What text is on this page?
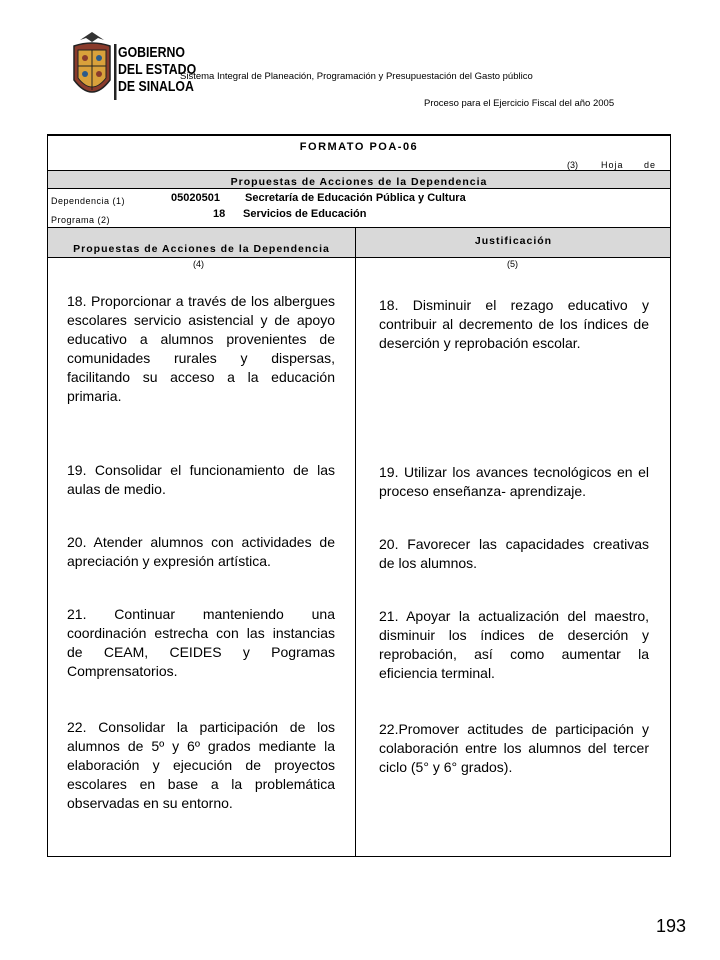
GOBIERNO
DEL ESTADO
DE SINALOA
Sistema Integral de Planeación, Programación y Presupuestación del Gasto público
Proceso para el Ejercicio Fiscal del año 2005
FORMATO POA-06
(3)	Hoja de
Propuestas de Acciones de la Dependencia
Dependencia (1)
Programa (2)
05020501 Secretaría de Educación Pública y Cultura
18 Servicios de Educación
Propuestas de Acciones de la Dependencia
Justificación
(4)	(5)
18. Proporcionar a través de los albergues escolares servicio asistencial y de apoyo educativo a alumnos provenientes de comunidades rurales y dispersas, facilitando su acceso a la educación primaria.
18. Disminuir el rezago educativo y contribuir al decremento de los índices de deserción y reprobación escolar.
19. Consolidar el funcionamiento de las aulas de medio.
19. Utilizar los avances tecnológicos en el proceso enseñanza- aprendizaje.
20. Atender alumnos con actividades de apreciación y expresión artística.
20. Favorecer las capacidades creativas de los alumnos.
21. Continuar manteniendo una coordinación estrecha con las instancias de CEAM, CEIDES y Pogramas Comprensatorios.
21. Apoyar la actualización del maestro, disminuir los índices de deserción y reprobación, así como aumentar la eficiencia terminal.
22. Consolidar la participación de los alumnos de 5º y 6º grados mediante la elaboración y ejecución de proyectos escolares en base a la problemática observadas en su entorno.
22.Promover actitudes de participación y colaboración entre los alumnos del tercer ciclo (5° y 6° grados).
193
